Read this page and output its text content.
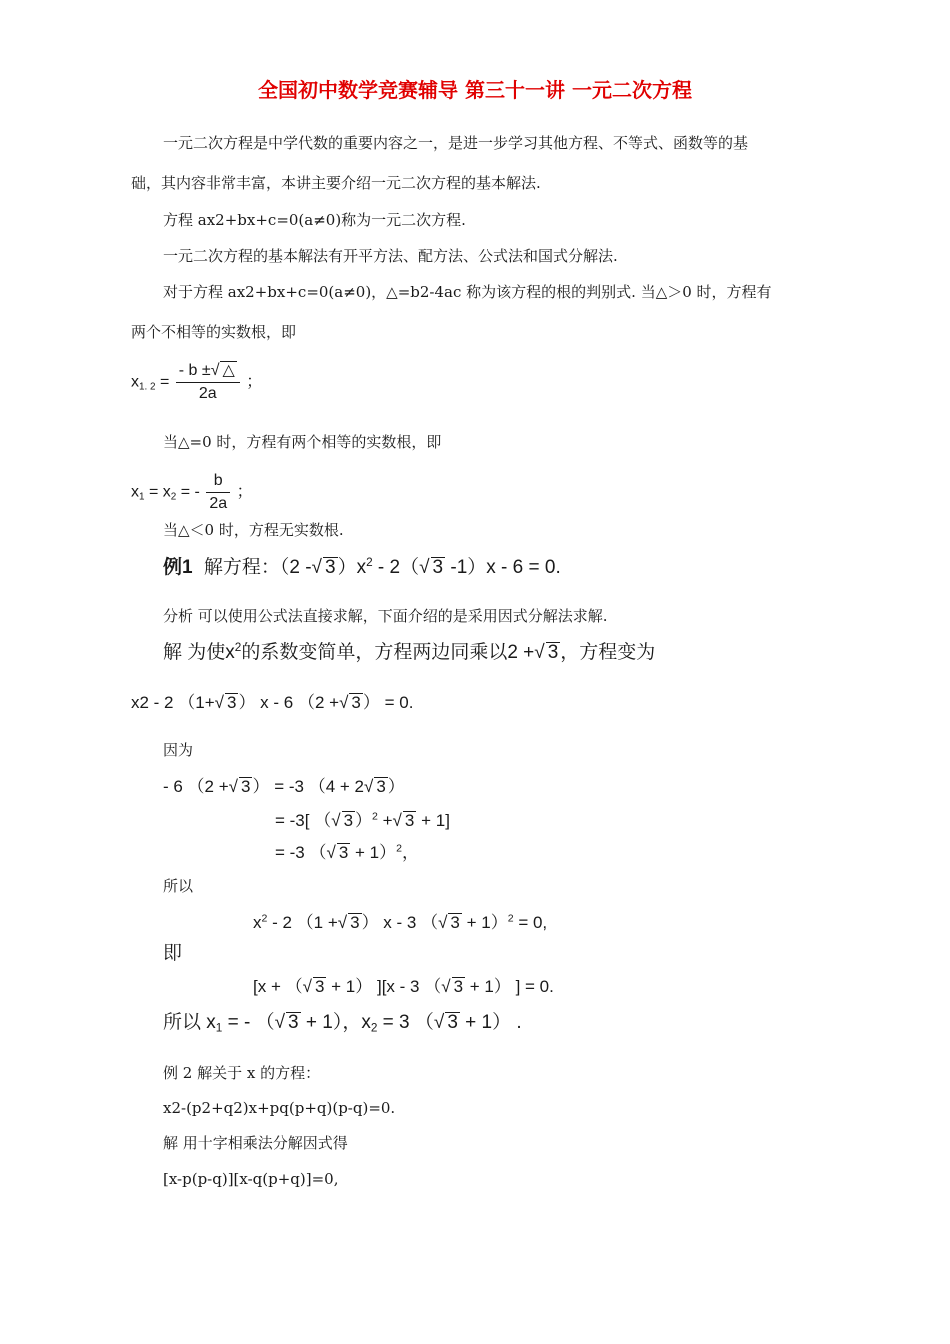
全国初中数学竞赛辅导 第三十一讲 一元二次方程
一元二次方程是中学代数的重要内容之一，是进一步学习其他方程、不等式、函数等的基
础，其内容非常丰富，本讲主要介绍一元二次方程的基本解法.
方程 ax2+bx+c=0(a≠0)称为一元二次方程.
一元二次方程的基本解法有开平方法、配方法、公式法和国式分解法.
对于方程 ax2+bx+c=0(a≠0)，△=b2-4ac 称为该方程的根的判别式. 当△＞0 时，方程有
两个不相等的实数根，即
$x_{1. 2} = \frac{- b \pm√ \triangle}{2a}$ ；
当△=0 时，方程有两个相等的实数根，即
$x_1 = x_2$ = - $\frac{b}{2a}$ ；
当△＜0 时，方程无实数根.
例1 解方程：（2 -√ 3 ）$x^2 - 2(√$ 3 -1）x - 6 = 0.
分析 可以使用公式法直接求解，下面介绍的是采用因式分解法求解.
解 为使$x^2$的系数变简单，方程两边同乘以2 +√ 3 ，方程变为
x2 - 2 （1+√ 3 ） x - 6 （2 +√ 3 ） = 0.
因为
- 6 （2 +√ 3 ） = -3 （4 + 2√ 3 ）
= -3[ （√ 3 ）$^2$ +√ 3 + 1]
= -3 （√ 3 + 1）$^2$，
所以
$x^2 - 2$ （1 +√ 3 ） x - 3 （√ 3 + 1）$^2$ = 0,
即
[x + （√ 3 + 1） ][x - 3 （√ 3 + 1） ] = 0.
所以 $x_1$ = - （√ 3 + 1），$x_2 = 3$ （√ 3 + 1） .
例 2 解关于 x 的方程：
x2-(p2+q2)x+pq(p+q)(p-q)=0.
解 用十字相乘法分解因式得
[x-p(p-q)][x-q(p+q)]=0,
